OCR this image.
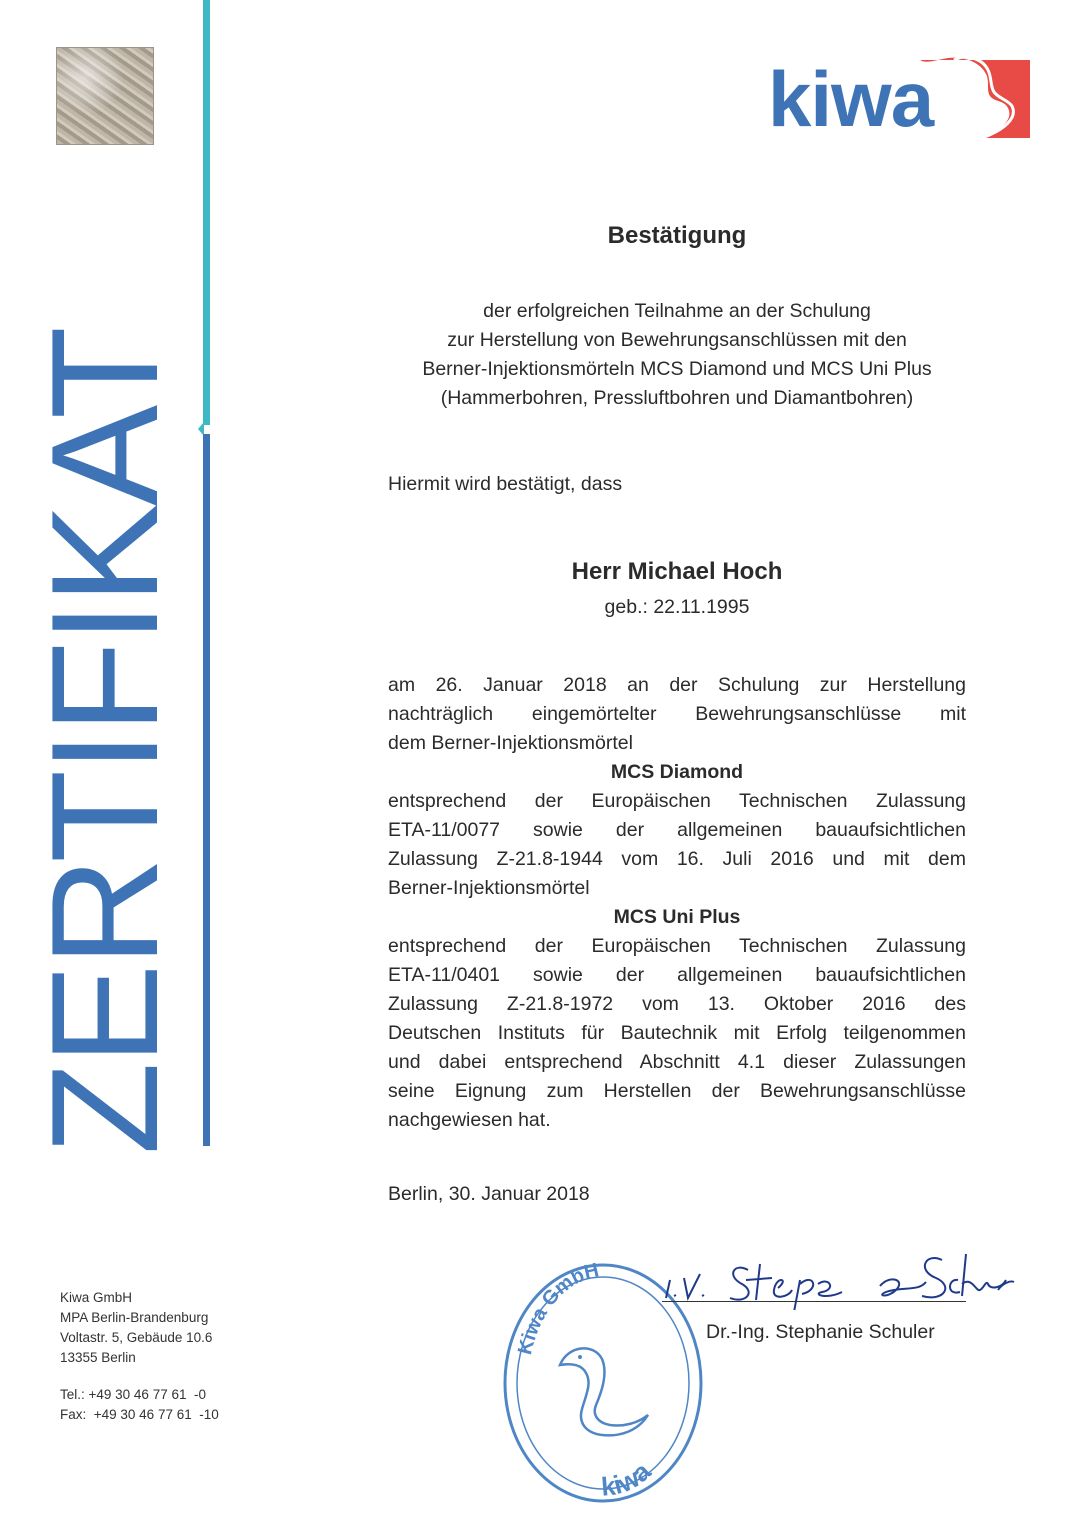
ZERTIFIKAT
kiwa
Bestätigung
der erfolgreichen Teilnahme an der Schulung
zur Herstellung von Bewehrungsanschlüssen mit den
Berner-Injektionsmörteln MCS Diamond und MCS Uni Plus
(Hammerbohren, Pressluftbohren und Diamantbohren)
Hiermit wird bestätigt, dass
Herr Michael Hoch
geb.: 22.11.1995
am 26. Januar 2018 an der Schulung zur Herstellung
nachträglich eingemörtelter Bewehrungsanschlüsse mit
dem Berner-Injektionsmörtel
MCS Diamond
entsprechend der Europäischen Technischen Zulassung
ETA-11/0077 sowie der allgemeinen bauaufsichtlichen
Zulassung Z-21.8-1944 vom 16. Juli 2016 und mit dem
Berner-Injektionsmörtel
MCS Uni Plus
entsprechend der Europäischen Technischen Zulassung
ETA-11/0401 sowie der allgemeinen bauaufsichtlichen
Zulassung Z-21.8-1972 vom 13. Oktober 2016 des
Deutschen Instituts für Bautechnik mit Erfolg teilgenommen
und dabei entsprechend Abschnitt 4.1 dieser Zulassungen
seine Eignung zum Herstellen der Bewehrungsanschlüsse
nachgewiesen hat.
Berlin, 30. Januar 2018
Kiwa GmbH
kiwa
Dr.-Ing. Stephanie Schuler
Kiwa GmbH
MPA Berlin-Brandenburg
Voltastr. 5, Gebäude 10.6
13355 Berlin
Tel.: +49 30 46 77 61  -0
Fax:  +49 30 46 77 61  -10
